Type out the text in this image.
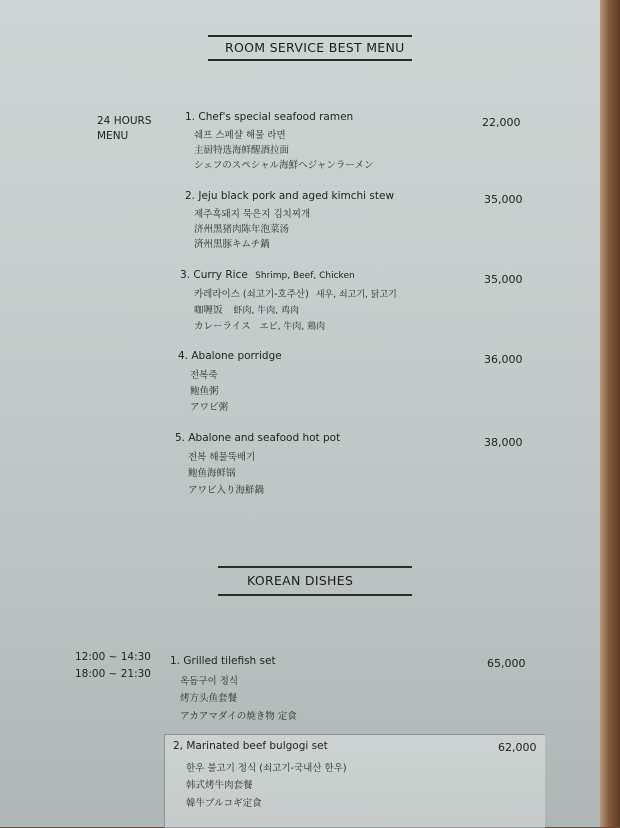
ROOM SERVICE BEST MENU
24 HOURS
MENU
1. Chef's special seafood ramen	22,000
쉐프 스페샬 해물 라면
主厨特选海鲜醒酒拉面
シェフのスペシャル海鮮ヘジャンラーメン
2. Jeju black pork and aged kimchi stew	35,000
제주흑돼지 묵은지 김치찌개
济州黑猪肉陈年泡菜汤
済州黒豚キムチ鍋
3. Curry Rice Shrimp, Beef, Chicken	35,000
카레라이스 (쇠고기-호주산) 새우, 쇠고기, 닭고기
咖喱饭 虾肉, 牛肉, 鸡肉
カレーライス エビ, 牛肉, 鶏肉
4. Abalone porridge	36,000
전복죽
鲍鱼粥
アワビ粥
5. Abalone and seafood hot pot	38,000
전복 해물뚝배기
鲍鱼海鲜锅
アワビ入り海鮮鍋
KOREAN DISHES
12:00 ~ 14:30
18:00 ~ 21:30
1. Grilled tilefish set	65,000
옥돔구이 정식
烤方头鱼套餐
アカアマダイの焼き物 定食
2, Marinated beef bulgogi set	62,000
한우 불고기 정식 (쇠고기-국내산 한우)
韩式烤牛肉套餐
韓牛ブルコギ定食
